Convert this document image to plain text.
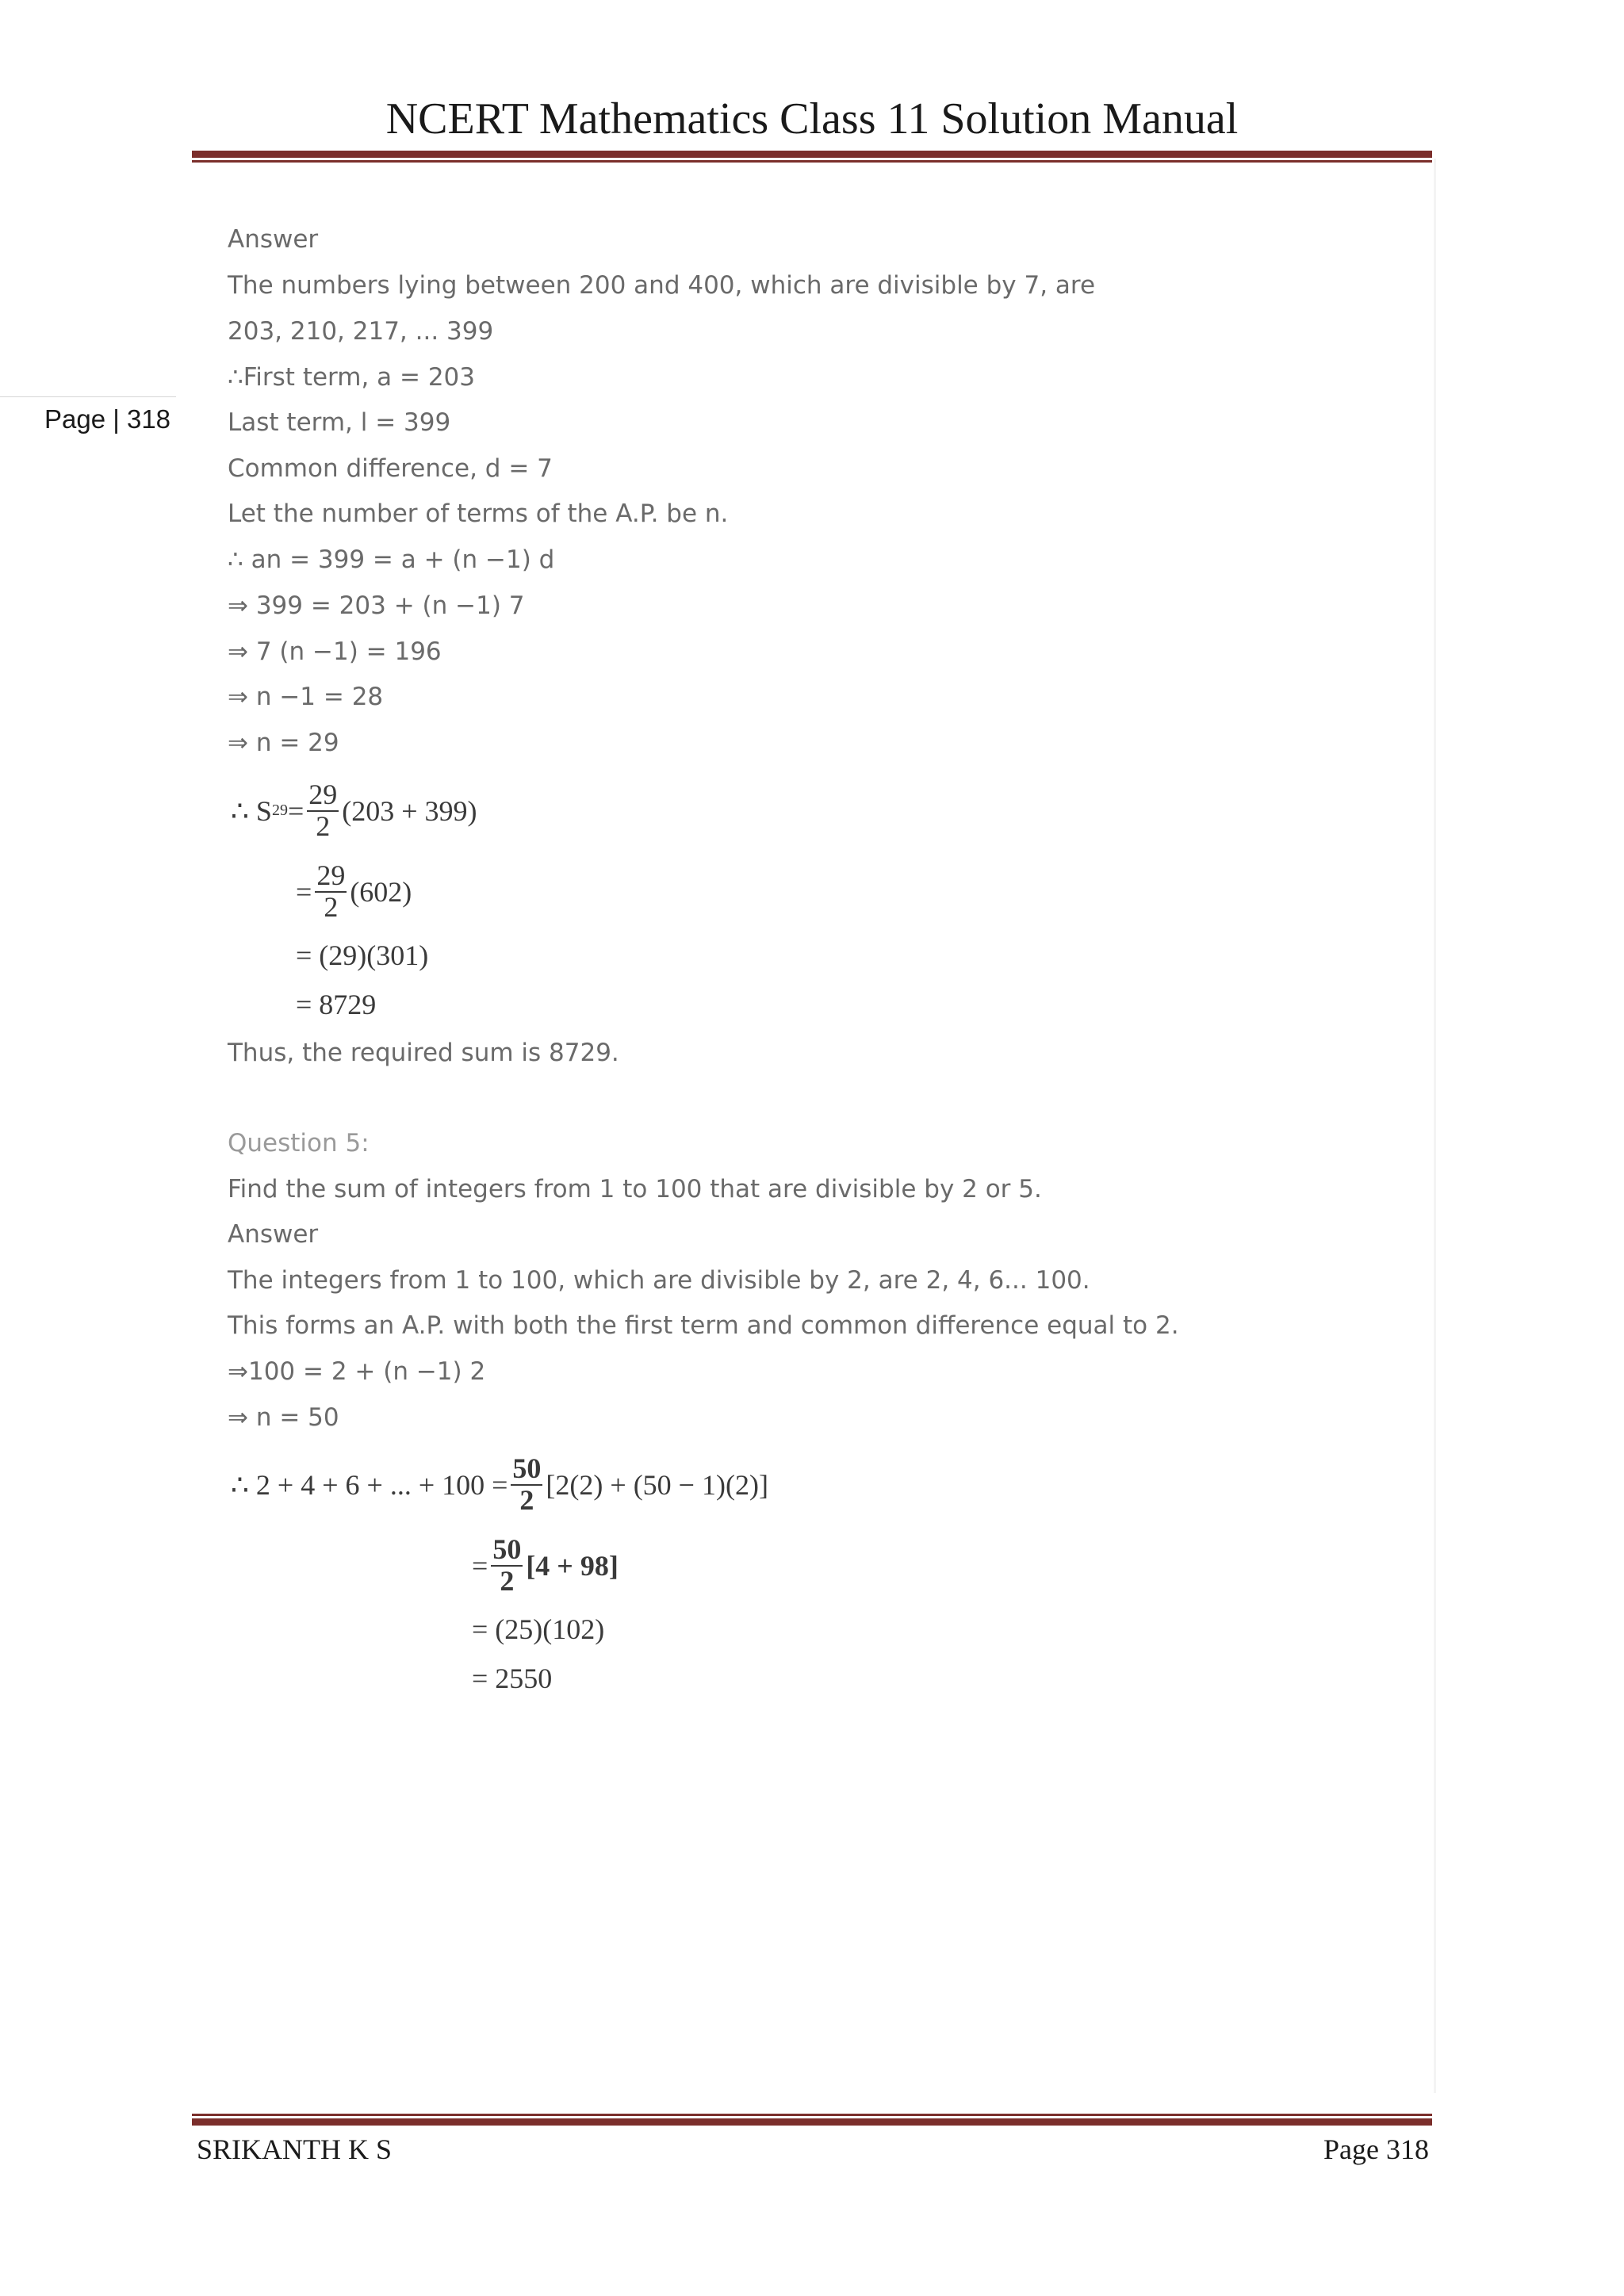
NCERT Mathematics Class 11 Solution Manual
Page | 318
Answer
The numbers lying between 200 and 400, which are divisible by 7, are
203, 210, 217, ... 399
∴First term, a = 203
Last term, l = 399
Common difference, d = 7
Let the number of terms of the A.P. be n.
∴ an = 399 = a + (n −1) d
⇒ 399 = 203 + (n −1) 7
⇒ 7 (n −1) = 196
⇒ n −1 = 28
⇒ n = 29
∴ S $29 = \frac{29}{2} (203 + 399)$
= $\frac{29}{2} (602)$
= (29)(301)
= 8729
Thus, the required sum is 8729.
Question 5:
Find the sum of integers from 1 to 100 that are divisible by 2 or 5.
Answer
The integers from 1 to 100, which are divisible by 2, are 2, 4, 6... 100.
This forms an A.P. with both the first term and common difference equal to 2.
⇒100 = 2 + (n −1) 2
⇒ n = 50
∴ 2 + 4 + 6 + ... + $100 = \frac{50}{2} [2(2) + (50 - 1)(2)]$
= $\frac{50}{2} [4 + 98]$
= (25)(102)
= 2550
SRIKANTH K S	Page 318
